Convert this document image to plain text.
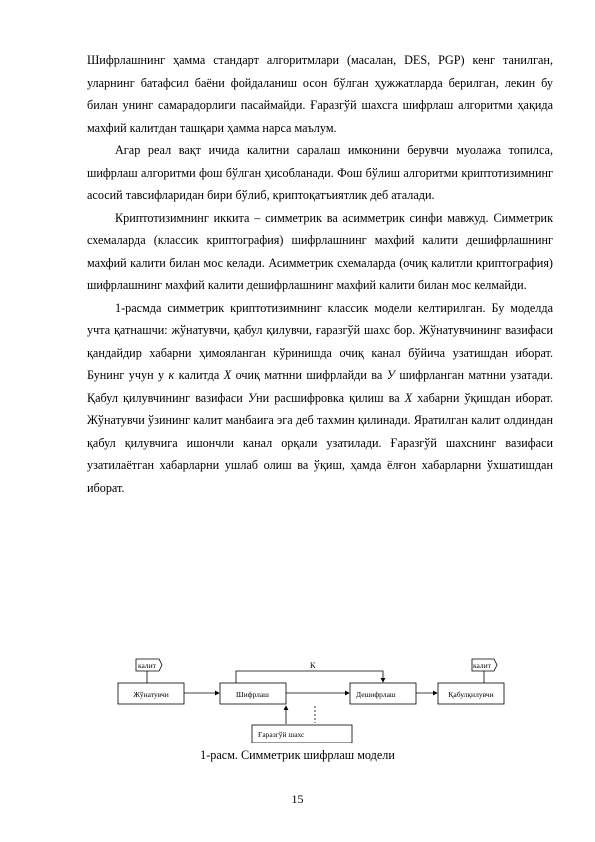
Шифрлашнинг ҳамма стандарт алгоритмлари (масалан, DES, PGP) кенг танилган, уларнинг батафсил баёни фойдаланиш осон бўлган ҳужжатларда берилган, лекин бу билан унинг самарадорлиги пасаймайди. Ғаразгўй шахсга шифрлаш алгоритми ҳақида махфий калитдан ташқари ҳамма нарса маълум.

Агар реал вақт ичида калитни саралаш имконини берувчи муолажа топилса, шифрлаш алгоритми фош бўлган ҳисобланади. Фош бўлиш алгоритми криптотизимнинг асосий тавсифларидан бири бўлиб, криптоқатъиятлик деб аталади.

Криптотизимнинг иккита – симметрик ва асимметрик синфи мавжуд. Симметрик схемаларда (классик криптография) шифрлашнинг махфий калити дешифрлашнинг махфий калити билан мос келади. Асимметрик схемаларда (очиқ калитли криптография) шифрлашнинг махфий калити дешифрлашнинг махфий калити билан мос келмайди.

1-расмда симметрик криптотизимнинг классик модели келтирилган. Бу моделда учта қатнашчи: жўнатувчи, қабул қилувчи, ғаразгўй шахс бор. Жўнатувчининг вазифаси қандайдир хабарни ҳимояланган кўринишда очиқ канал бўйича узатишдан иборат. Бунинг учун у к калитда X очиқ матнни шифрлайди ва У шифрланган матнни узатади. Қабул қилувчининг вазифаси Уни расшифровка қилиш ва X хабарни ўқишдан иборат. Жўнатувчи ўзининг калит манбаига эга деб тахмин қилинади. Яратилган калит олдиндан қабул қилувчига ишончли канал орқали узатилади. Ғаразгўй шахснинг вазифаси узатилаётган хабарларни ушлаб олиш ва ўқиш, ҳамда ёлғон хабарларни ўхшатишдан иборат.

калит	калит
Жўнатувчи	Шифрлаш	Дешифрлаш	Қабулқилувчи
Ғаразгўй шахс
K
1-расм. Симметрик шифрлаш модели
15
